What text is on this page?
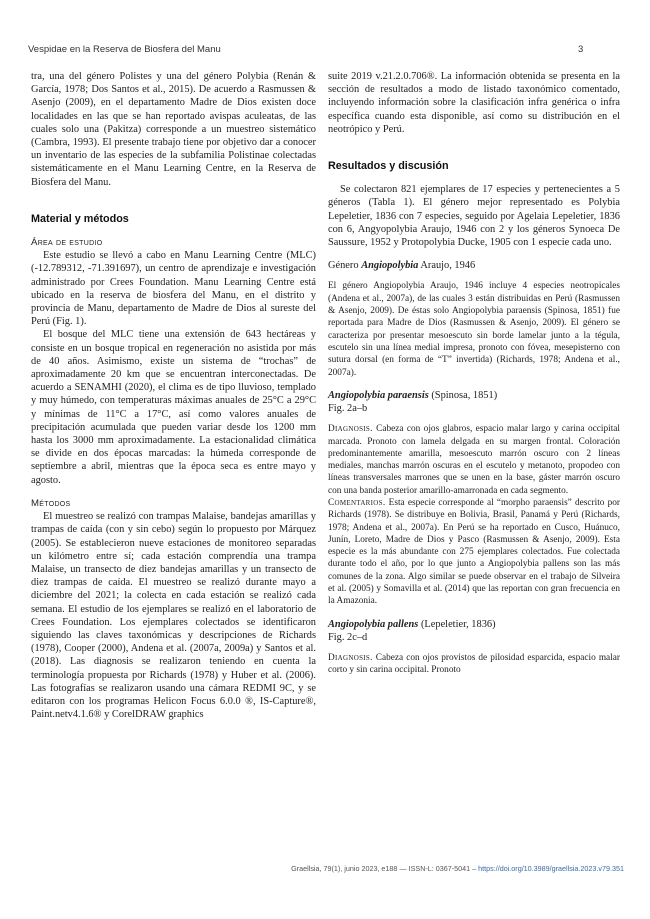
Vespidae en la Reserva de Biosfera del Manu	3

tra, una del género Polistes y una del género Polybia (Renán & García, 1978; Dos Santos et al., 2015). De acuerdo a Rasmussen & Asenjo (2009), en el departamento Madre de Dios existen doce localidades en las que se han reportado avispas aculeatas, de las cuales solo una (Pakitza) corresponde a un muestreo sistemático (Cambra, 1993). El presente trabajo tiene por objetivo dar a conocer un inventario de las especies de la subfamilia Polistinae colectadas sistemáticamente en el Manu Learning Centre, en la Reserva de Biosfera del Manu.

Material y métodos

Área de estudio

Este estudio se llevó a cabo en Manu Learning Centre (MLC) (-12.789312, -71.391697), un centro de aprendizaje e investigación administrado por Crees Foundation. Manu Learning Centre está ubicado en la reserva de biosfera del Manu, en el distrito y provincia de Manu, departamento de Madre de Dios al sureste del Perú (Fig. 1).

El bosque del MLC tiene una extensión de 643 hectáreas y consiste en un bosque tropical en regeneración no asistida por más de 40 años. Asimismo, existe un sistema de “trochas” de aproximadamente 20 km que se encuentran interconectadas. De acuerdo a SENAMHI (2020), el clima es de tipo lluvioso, templado y muy húmedo, con temperaturas máximas anuales de 25°C a 29°C y mínimas de 11°C a 17°C, así como valores anuales de precipitación acumulada que pueden variar desde los 1200 mm hasta los 3000 mm aproximadamente. La estacionalidad climática se divide en dos épocas marcadas: la húmeda corresponde de septiembre a abril, mientras que la época seca es entre mayo y agosto.

Métodos

El muestreo se realizó con trampas Malaise, bandejas amarillas y trampas de caída (con y sin cebo) según lo propuesto por Márquez (2005). Se establecieron nueve estaciones de monitoreo separadas un kilómetro entre sí; cada estación comprendía una trampa Malaise, un transecto de diez bandejas amarillas y un transecto de diez trampas de caída. El muestreo se realizó durante mayo a diciembre del 2021; la colecta en cada estación se realizó cada semana. El estudio de los ejemplares se realizó en el laboratorio de Crees Foundation. Los ejemplares colectados se identificaron siguiendo las claves taxonómicas y descripciones de Richards (1978), Cooper (2000), Andena et al. (2007a, 2009a) y Santos et al. (2018). Las diagnosis se realizaron teniendo en cuenta la terminología propuesta por Richards (1978) y Huber et al. (2006). Las fotografías se realizaron usando una cámara REDMI 9C, y se editaron con los programas Helicon Focus 6.0.0 ®, IS-Capture®, Paint.netv4.1.6® y CorelDRAW graphics

suite 2019 v.21.2.0.706®. La información obtenida se presenta en la sección de resultados a modo de listado taxonómico comentado, incluyendo información sobre la clasificación infra genérica o infra específica cuando esta disponible, así como su distribución en el neotrópico y Perú.

Resultados y discusión

Se colectaron 821 ejemplares de 17 especies y pertenecientes a 5 géneros (Tabla 1). El género mejor representado es Polybia Lepeletier, 1836 con 7 especies, seguido por Agelaia Lepeletier, 1836 con 6, Angyopolybia Araujo, 1946 con 2 y los géneros Synoeca De Saussure, 1952 y Protopolybia Ducke, 1905 con 1 especie cada uno.

Género Angiopolybia Araujo, 1946

El género Angiopolybia Araujo, 1946 incluye 4 especies neotropicales (Andena et al., 2007a), de las cuales 3 están distribuidas en Perú (Rasmussen & Asenjo, 2009). De éstas solo Angiopolybia paraensis (Spinosa, 1851) fue reportada para Madre de Dios (Rasmussen & Asenjo, 2009). El género se caracteriza por presentar mesoescuto sin borde lamelar junto a la tégula, escutelo sin una línea medial impresa, pronoto con fóvea, mesepisterno con sutura dorsal (en forma de “T” invertida) (Richards, 1978; Andena et al., 2007a).

Angiopolybia paraensis (Spinosa, 1851)

Fig. 2a–b

Diagnosis. Cabeza con ojos glabros, espacio malar largo y carina occipital marcada. Pronoto con lamela delgada en su margen frontal. Coloración predominantemente amarilla, mesoescuto marrón oscuro con 2 líneas mediales, manchas marrón oscuras en el escutelo y metanoto, propodeo con líneas transversales marrones que se unen en la base, gáster marrón oscuro con una banda posterior amarillo-amarronada en cada segmento.

Comentarios. Esta especie corresponde al “morpho paraensis” descrito por Richards (1978). Se distribuye en Bolivia, Brasil, Panamá y Perú (Richards, 1978; Andena et al., 2007a). En Perú se ha reportado en Cusco, Huánuco, Junín, Loreto, Madre de Dios y Pasco (Rasmussen & Asenjo, 2009). Esta especie es la más abundante con 275 ejemplares colectados. Fue colectada durante todo el año, por lo que junto a Angiopolybia pallens son las más comunes de la zona. Algo similar se puede observar en el trabajo de Silveira et al. (2005) y Somavilla et al. (2014) que las reportan con gran frecuencia en la Amazonia.

Angiopolybia pallens (Lepeletier, 1836)

Fig. 2c–d

Diagnosis. Cabeza con ojos provistos de pilosidad esparcida, espacio malar corto y sin carina occipital. Pronoto

Graellsia, 79(1), junio 2023, e188 — ISSN-L: 0367-5041 – https://doi.org/10.3989/graellsia.2023.v79.351
